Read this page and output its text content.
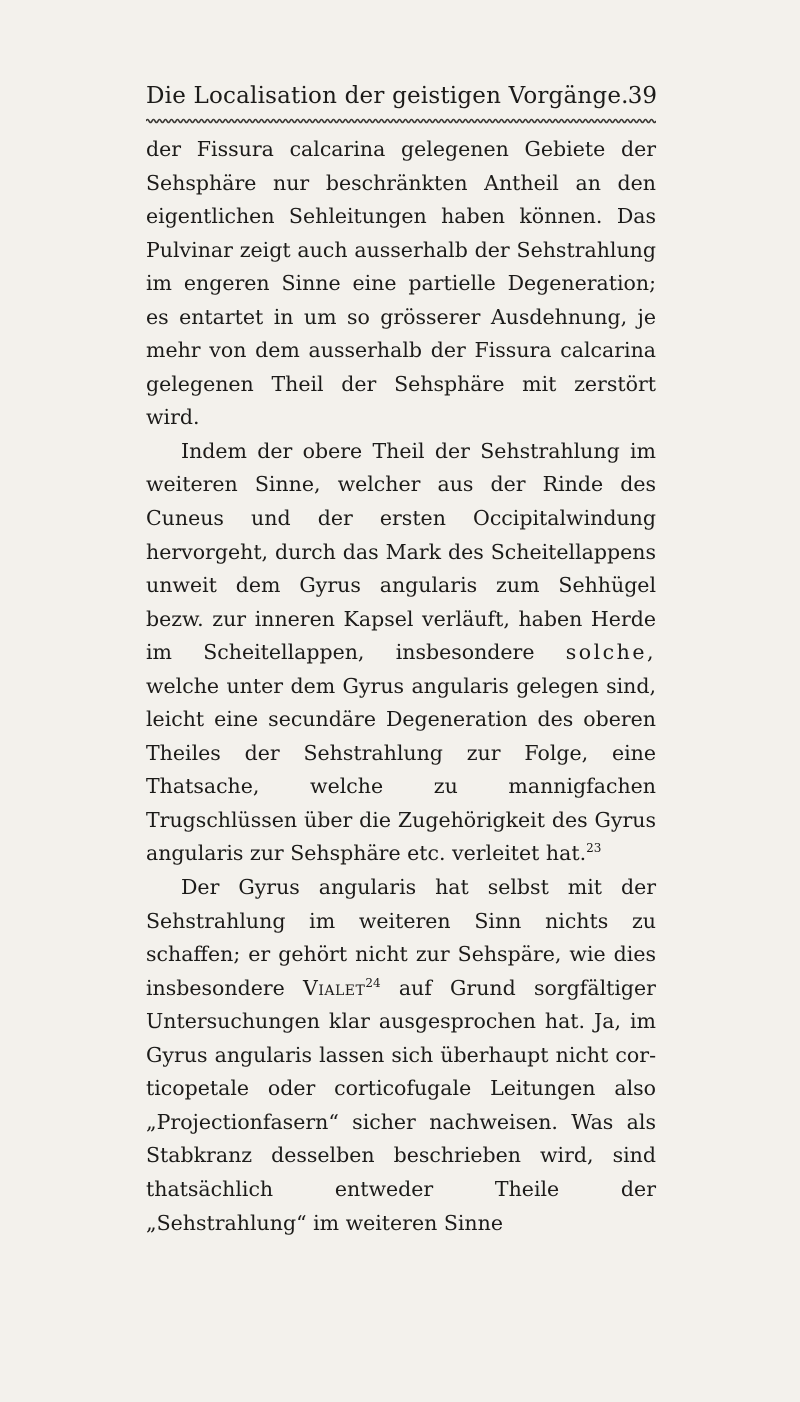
Die Localisation der geistigen Vorgänge. 39

der Fissura calcarina gelegenen Gebiete der Sehsphäre nur beschränkten Antheil an den eigentlichen Sehleitungen haben können. Das Pulvinar zeigt auch ausserhalb der Sehstrahlung im engeren Sinne eine partielle Degeneration; es entartet in um so grösserer Ausdehnung, je mehr von dem ausserhalb der Fissura calcarina gelegenen Theil der Sehsphäre mit zerstört wird.

Indem der obere Theil der Sehstrahlung im weiteren Sinne, welcher aus der Rinde des Cuneus und der ersten Occipitalwindung hervorgeht, durch das Mark des Scheitellappens unweit dem Gyrus angularis zum Sehhügel bezw. zur inneren Kapsel verläuft, haben Herde im Scheitellappen, insbesondere solche, welche unter dem Gyrus angularis gelegen sind, leicht eine secundäre Degeneration des oberen Theiles der Sehstrahlung zur Folge, eine Thatsache, welche zu mannigfachen Trugschlüssen über die Zugehörigkeit des Gyrus angularis zur Sehsphäre etc. verleitet hat.$^{23}$

Der Gyrus angularis hat selbst mit der Sehstrahlung im weiteren Sinn nichts zu schaffen; er gehört nicht zur Sehspäre, wie dies insbesondere Vialet$^{24}$ auf Grund sorgfältiger Untersuchungen klar ausgesprochen hat. Ja, im Gyrus angularis lassen sich überhaupt nicht corticopetale oder corticofugale Leitungen also „Projectionfasern“ sicher nachweisen. Was als Stabkranz desselben beschrieben wird, sind thatsächlich entweder Theile der „Sehstrahlung“ im weiteren Sinne
